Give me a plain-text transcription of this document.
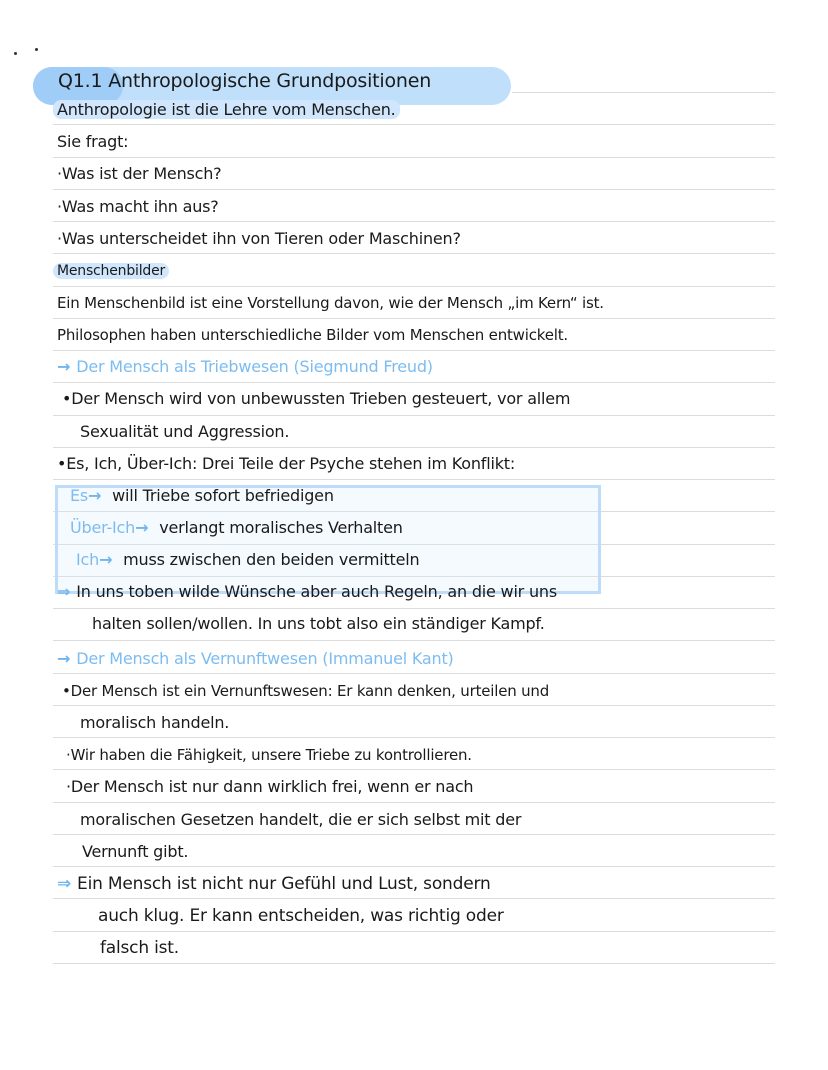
Q1.1 Anthropologische Grundpositionen
Anthropologie ist die Lehre vom Menschen.
Sie fragt:
·Was ist der Mensch?
·Was macht ihn aus?
·Was unterscheidet ihn von Tieren oder Maschinen?
Menschenbilder
Ein Menschenbild ist eine Vorstellung davon, wie der Mensch „im Kern“ ist.
Philosophen haben unterschiedliche Bilder vom Menschen entwickelt.
→ Der Mensch als Triebwesen (Siegmund Freud)
•Der Mensch wird von unbewussten Trieben gesteuert, vor allem
Sexualität und Aggression.
•Es, Ich, Über-Ich: Drei Teile der Psyche stehen im Konflikt:
Es→ will Triebe sofort befriedigen
Über-Ich→ verlangt moralisches Verhalten
Ich→ muss zwischen den beiden vermitteln
⇒ In uns toben wilde Wünsche aber auch Regeln, an die wir uns
halten sollen/wollen. In uns tobt also ein ständiger Kampf.
→ Der Mensch als Vernunftwesen (Immanuel Kant)
•Der Mensch ist ein Vernunftswesen: Er kann denken, urteilen und
moralisch handeln.
·Wir haben die Fähigkeit, unsere Triebe zu kontrollieren.
·Der Mensch ist nur dann wirklich frei, wenn er nach
moralischen Gesetzen handelt, die er sich selbst mit der
Vernunft gibt.
⇒ Ein Mensch ist nicht nur Gefühl und Lust, sondern
auch klug. Er kann entscheiden, was richtig oder
falsch ist.
